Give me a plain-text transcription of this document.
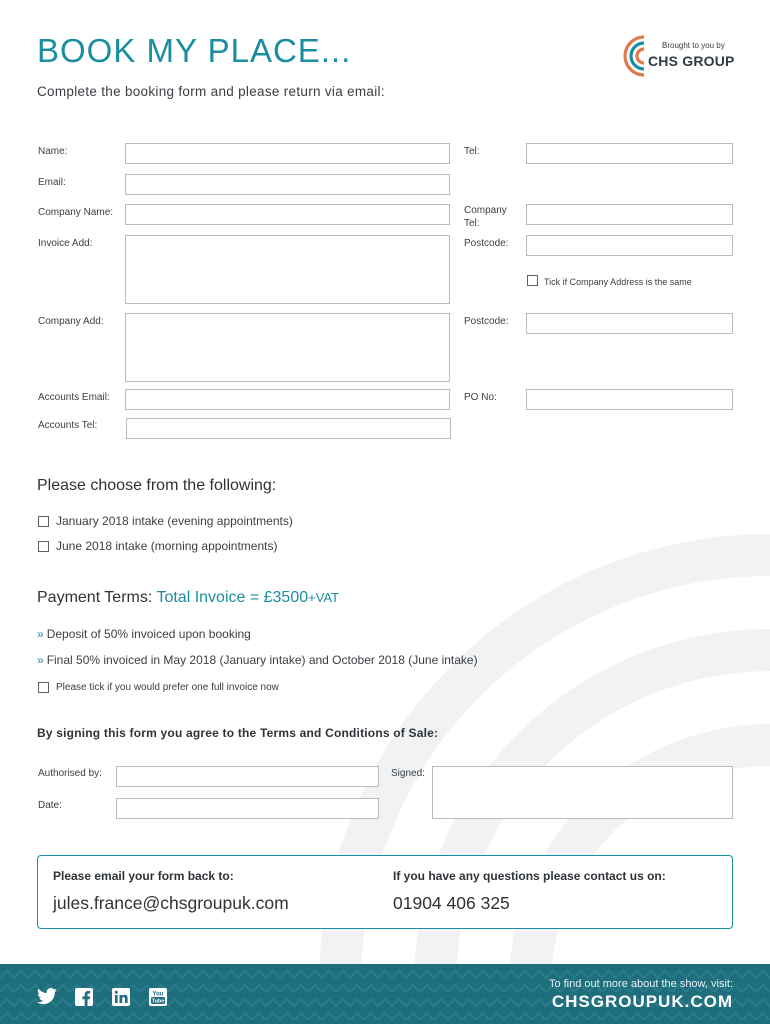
BOOK MY PLACE...
Complete the booking form and please return via email:
Brought to you by
CHS GROUP
Name:	Tel:
Email:
Company Name:	Company
Tel:
Invoice Add:	Postcode:
Tick if Company Address is the same
Company Add:	Postcode:
Accounts Email:	PO No:
Accounts Tel:
Please choose from the following:
January 2018 intake (evening appointments)
June 2018 intake (morning appointments)
Payment Terms: Total Invoice = £3500+VAT
» Deposit of 50% invoiced upon booking
» Final 50% invoiced in May 2018 (January intake) and October 2018 (June intake)
Please tick if you would prefer one full invoice now
By signing this form you agree to the Terms and Conditions of Sale:
Authorised by:	Signed:
Date:
Please email your form back to:
jules.france@chsgroupuk.com
If you have any questions please contact us on:
01904 406 325
You
Tube
To find out more about the show, visit:
CHSGROUPUK.COM
